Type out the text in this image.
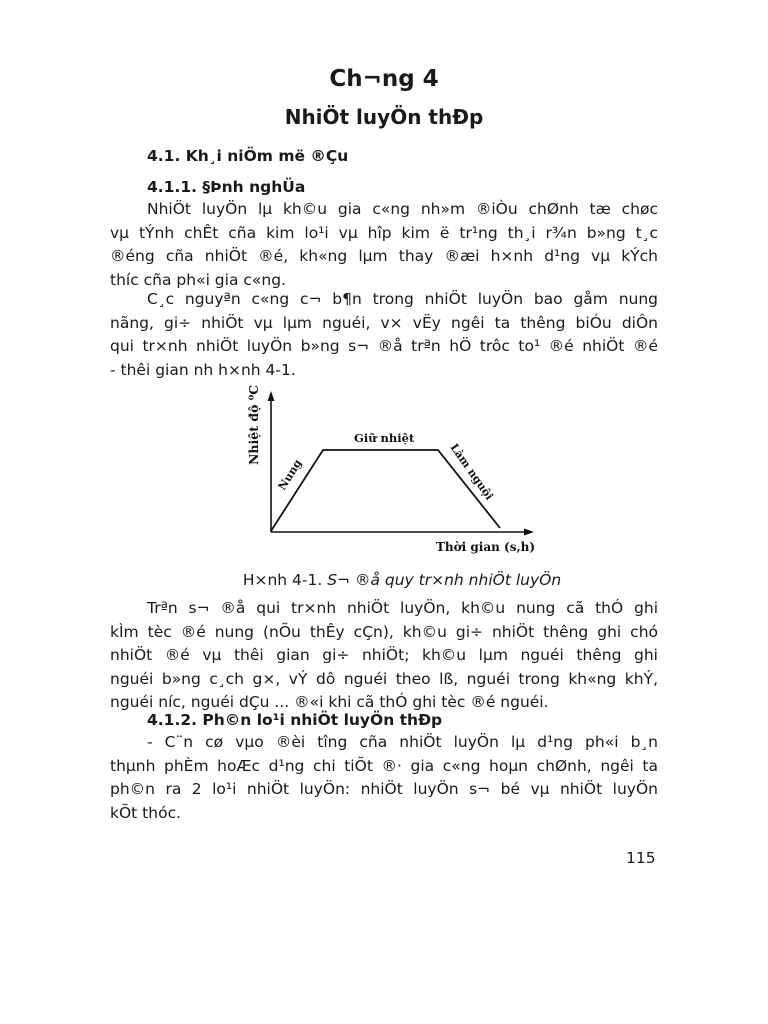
Ch¬ng 4
NhiÖt luyÖn thÐp
4.1. Kh¸i niÖm më ®Çu
4.1.1. §Þnh nghÜa
NhiÖt luyÖn lµ kh©u gia c«ng nh»m ®iÒu chØnh tæ chøc
vµ tÝnh chÊt cña kim lo¹i vµ hîp kim ë tr¹ng th¸i r¾n b»ng t¸c
®éng cña nhiÖt ®é, kh«ng lµm thay ®æi h×nh d¹ng vµ kÝch
thíc cña ph«i gia c«ng.
C¸c nguyªn c«ng c¬ b¶n trong nhiÖt luyÖn bao gåm nung
nãng, gi÷ nhiÖt vµ lµm nguéi, v× vËy ngêi ta thêng biÓu diÔn
qui tr×nh nhiÖt luyÖn b»ng s¬ ®å trªn hÖ trôc to¹ ®é nhiÖt ®é
- thêi gian nh h×nh 4-1.
Nhiệt độ ⁰C	Giữ nhiệt
Nung	Làm nguội
Thời gian (s,h)
H×nh 4-1. S¬ ®å quy tr×nh nhiÖt luyÖn
Trªn s¬ ®å qui tr×nh nhiÖt luyÖn, kh©u nung cã thÓ ghi
kÌm tèc ®é nung (nÕu thÊy cÇn), kh©u gi÷ nhiÖt thêng ghi chó
nhiÖt ®é vµ thêi gian gi÷ nhiÖt; kh©u lµm nguéi thêng ghi
nguéi b»ng c¸ch g×, vÝ dô nguéi theo lß, nguéi trong kh«ng khÝ,
nguéi níc, nguéi dÇu ... ®«i khi cã thÓ ghi tèc ®é nguéi.
4.1.2. Ph©n lo¹i nhiÖt luyÖn thÐp
- C¨n cø vµo ®èi tîng cña nhiÖt luyÖn lµ d¹ng ph«i b¸n
thµnh phÈm hoÆc d¹ng chi tiÕt ®· gia c«ng hoµn chØnh, ngêi ta
ph©n ra 2 lo¹i nhiÖt luyÖn: nhiÖt luyÖn s¬ bé vµ nhiÖt luyÖn
kÕt thóc.
115
